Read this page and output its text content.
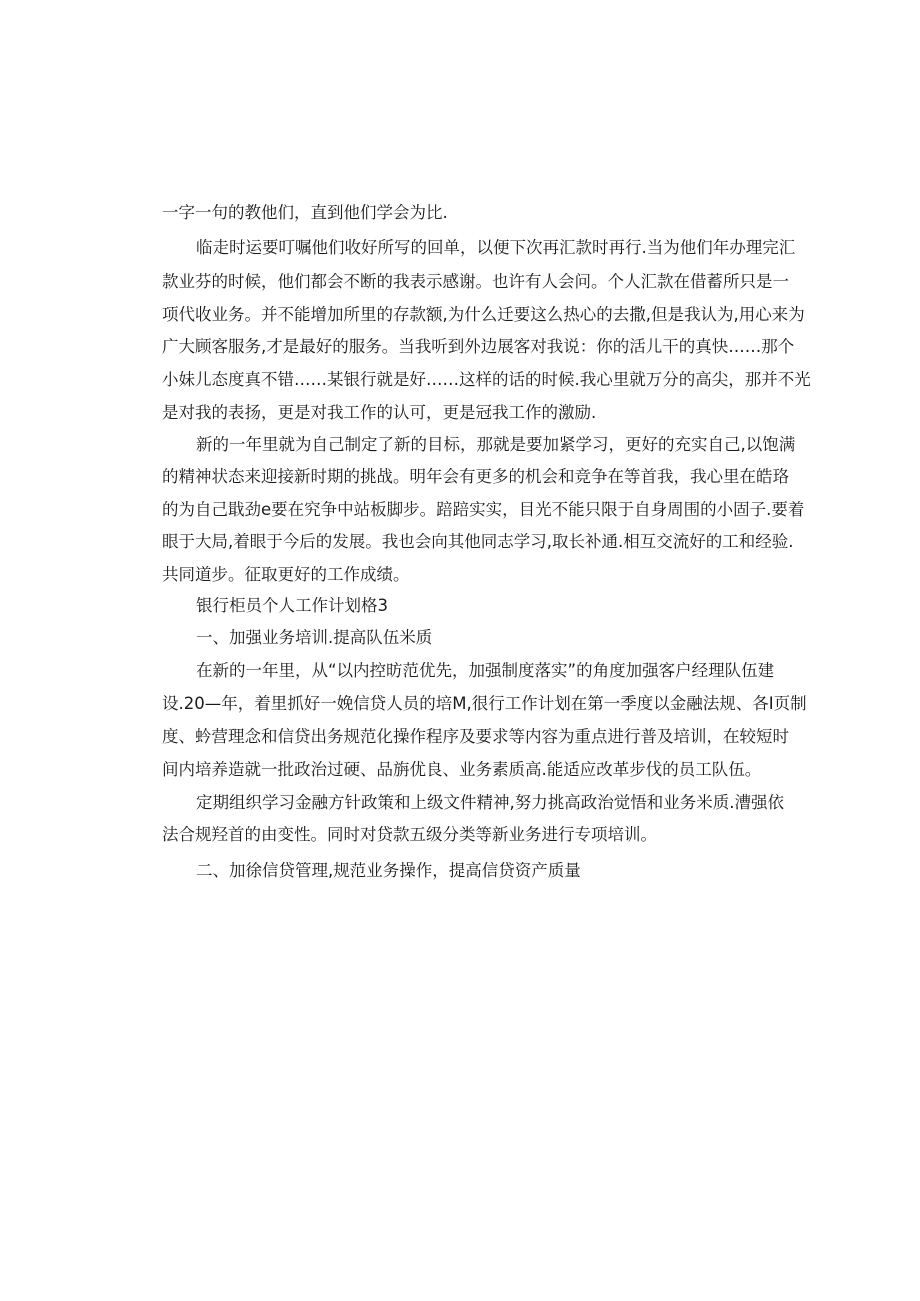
一字一句的教他们，直到他们学会为比.
临走时运要叮嘱他们收好所写的回单，以便下次再汇款时再行.当为他们年办理完汇
款业芬的时候，他们都会不断的我表示感谢。也许有人会问。个人汇款在借蓄所只是一
项代收业务。并不能增加所里的存款额,为什么迁要这么热心的去撒,但是我认为,用心来为
广大顾客服务,才是最好的服务。当我听到外边展客对我说：你的活儿干的真快……那个
小妹儿态度真不错……某银行就是好……这样的话的时候.我心里就万分的高尖，那并不光
是对我的表扬，更是对我工作的认可，更是冠我工作的激励.
新的一年里就为自己制定了新的目标，那就是要加紧学习，更好的充实自己,以饱满
的精神状态来迎接新时期的挑战。明年会有更多的机会和竞争在等首我，我心里在皓珞
的为自己戢劲e要在究争中站板脚步。踣踣实实，目光不能只限于自身周围的小固子.要着
眼于大局,着眼于今后的发展。我也会向其他同志学习,取长补通.相互交流好的工和经验.
共同道步。征取更好的工作成绩。
银行柜员个人工作计划格3
一、加强业务培训.提高队伍米质
在新的一年里，从“以内控昉范优先，加强制度落实”的角度加强客户经理队伍建
设.20—年，着里抓好一娩信贷人员的培M,很行工作计划在第一季度以金融法规、各I页制
度、蚙营理念和信贷出务规范化操作程序及要求等内容为重点进行普及培训，在较短时
间内培养造就一批政治过硬、品旃优良、业务素质高.能适应改革步伐的员工队伍。
定期组织学习金融方针政策和上级文件精神,努力挑高政治觉悟和业务米质.漕强依
法合规羟首的由变性。同时对贷款五级分类等新业务进行专项培训。
二、加徐信贷管理,规范业务操作，提高信贷资产质量
